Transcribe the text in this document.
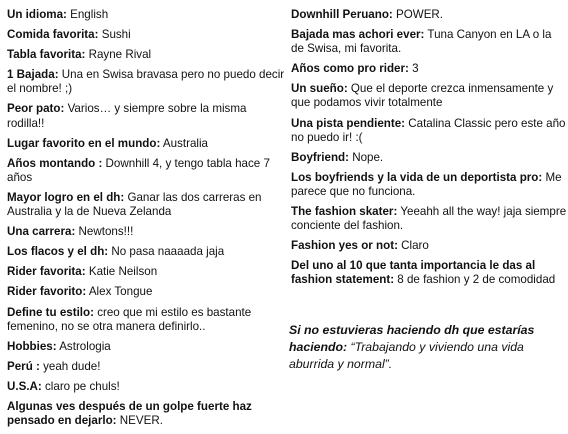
Un idioma: English
Comida favorita: Sushi
Tabla favorita: Rayne Rival
1 Bajada: Una en Swisa bravasa pero no puedo decir el nombre! ;)
Peor pato: Varios… y siempre sobre la misma rodilla!!
Lugar favorito en el mundo: Australia
Años montando : Downhill 4, y tengo tabla hace 7 años
Mayor logro en el dh: Ganar las dos carreras en Australia y la de Nueva Zelanda
Una carrera: Newtons!!!
Los flacos y el dh: No pasa naaaada jaja
Rider favorita: Katie Neilson
Rider favorito: Alex Tongue
Define tu estilo: creo que mi estilo es bastante femenino, no se otra manera definirlo..
Hobbies: Astrologia
Perú : yeah dude!
U.S.A: claro pe chuls!
Algunas ves después de un golpe fuerte haz pensado en dejarlo: NEVER.
Downhill Peruano: POWER.
Bajada mas achori ever: Tuna Canyon en LA o la de Swisa, mi favorita.
Años como pro rider: 3
Un sueño: Que el deporte crezca inmensamente y que podamos vivir totalmente
Una pista pendiente: Catalina Classic pero este año no puedo ir! :(
Boyfriend: Nope.
Los boyfriends y la vida de un deportista pro: Me parece que no funciona.
The fashion skater: Yeeahh all the way! jaja siempre conciente del fashion.
Fashion yes or not: Claro
Del uno al 10 que tanta importancia le das al fashion statement: 8 de fashion y 2 de comodidad
Si no estuvieras haciendo dh que estarías haciendo: “Trabajando y viviendo una vida aburrida y normal”.
